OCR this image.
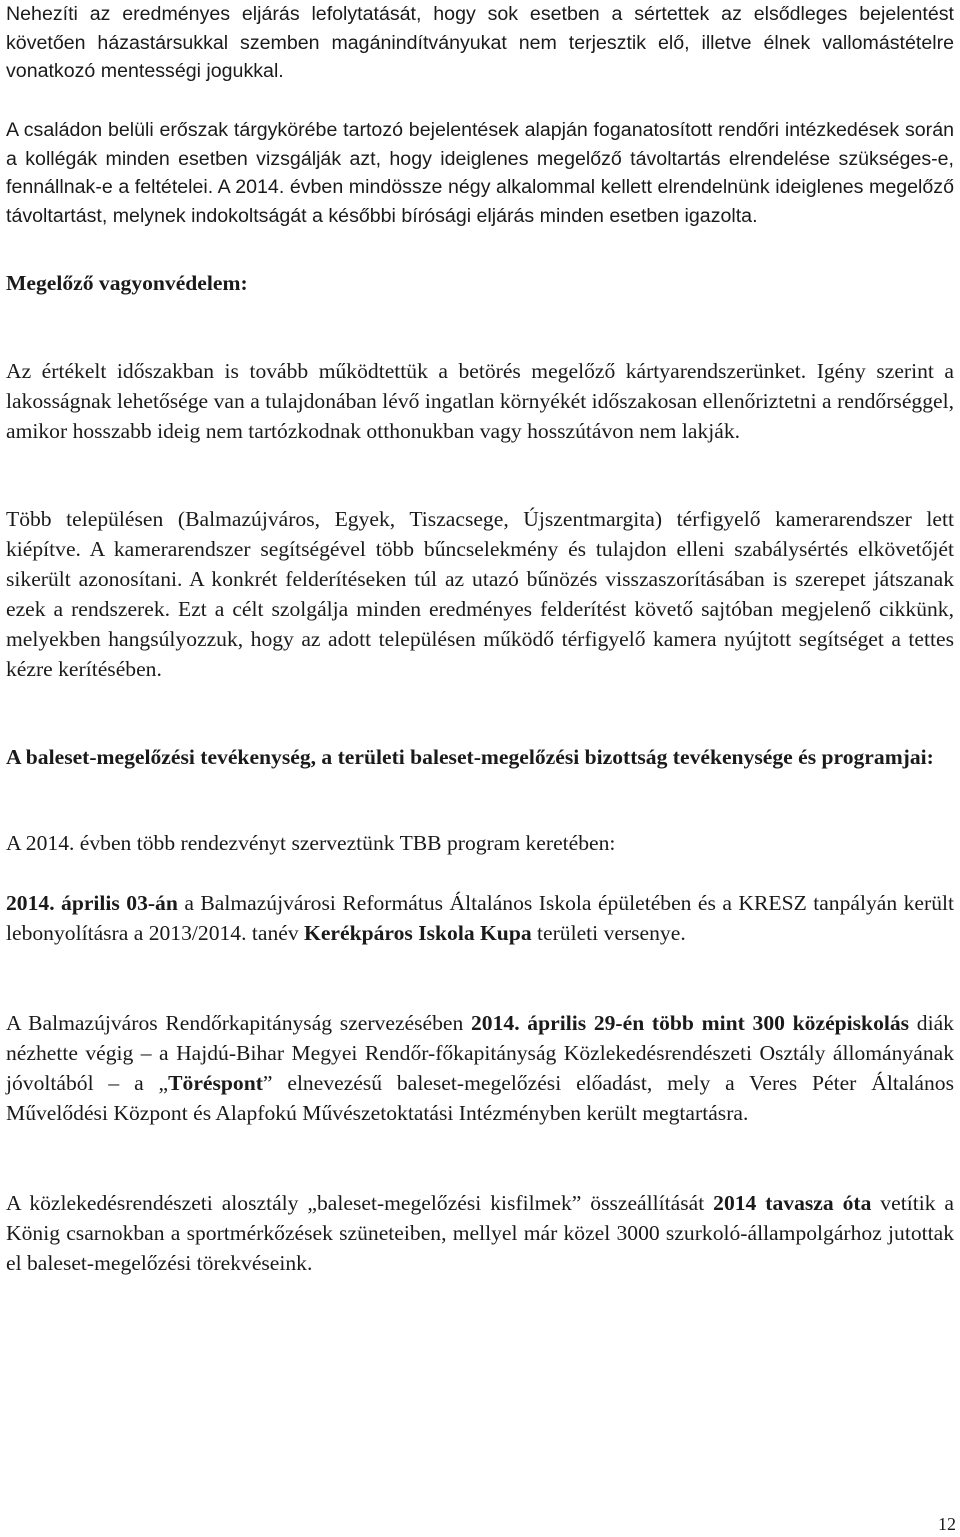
Nehezíti az eredményes eljárás lefolytatását, hogy sok esetben a sértettek az elsődleges bejelentést követően házastársukkal szemben magánindítványukat nem terjesztik elő, illetve élnek vallomástételre vonatkozó mentességi jogukkal.

A családon belüli erőszak tárgykörébe tartozó bejelentések alapján foganatosított rendőri intézkedések során a kollégák minden esetben vizsgálják azt, hogy ideiglenes megelőző távoltartás elrendelése szükséges-e, fennállnak-e a feltételei. A 2014. évben mindössze négy alkalommal kellett elrendelnünk ideiglenes megelőző távoltartást, melynek indokoltságát a későbbi bírósági eljárás minden esetben igazolta.

Megelőző vagyonvédelem:

Az értékelt időszakban is tovább működtettük a betörés megelőző kártyarendszerünket. Igény szerint a lakosságnak lehetősége van a tulajdonában lévő ingatlan környékét időszakosan ellenőriztetni a rendőrséggel, amikor hosszabb ideig nem tartózkodnak otthonukban vagy hosszútávon nem lakják.

Több településen (Balmazújváros, Egyek, Tiszacsege, Újszentmargita) térfigyelő kamerarendszer lett kiépítve. A kamerarendszer segítségével több bűncselekmény és tulajdon elleni szabálysértés elkövetőjét sikerült azonosítani. A konkrét felderítéseken túl az utazó bűnözés visszaszorításában is szerepet játszanak ezek a rendszerek. Ezt a célt szolgálja minden eredményes felderítést követő sajtóban megjelenő cikkünk, melyekben hangsúlyozzuk, hogy az adott településen működő térfigyelő kamera nyújtott segítséget a tettes kézre kerítésében.

A baleset-megelőzési tevékenység, a területi baleset-megelőzési bizottság tevékenysége és programjai:

A 2014. évben több rendezvényt szerveztünk TBB program keretében:

2014. április 03-án a Balmazújvárosi Református Általános Iskola épületében és a KRESZ tanpályán került lebonyolításra a 2013/2014. tanév Kerékpáros Iskola Kupa területi versenye.

A Balmazújváros Rendőrkapitányság szervezésében 2014. április 29-én több mint 300 középiskolás diák nézhette végig – a Hajdú-Bihar Megyei Rendőr-főkapitányság Közlekedésrendészeti Osztály állományának jóvoltából – a „Töréspont” elnevezésű baleset-megelőzési előadást, mely a Veres Péter Általános Művelődési Központ és Alapfokú Művészetoktatási Intézményben került megtartásra.

A közlekedésrendészeti alosztály „baleset-megelőzési kisfilmek” összeállítását 2014 tavasza óta vetítik a König csarnokban a sportmérkőzések szüneteiben, mellyel már közel 3000 szurkoló-állampolgárhoz jutottak el baleset-megelőzési törekvéseink.

12
